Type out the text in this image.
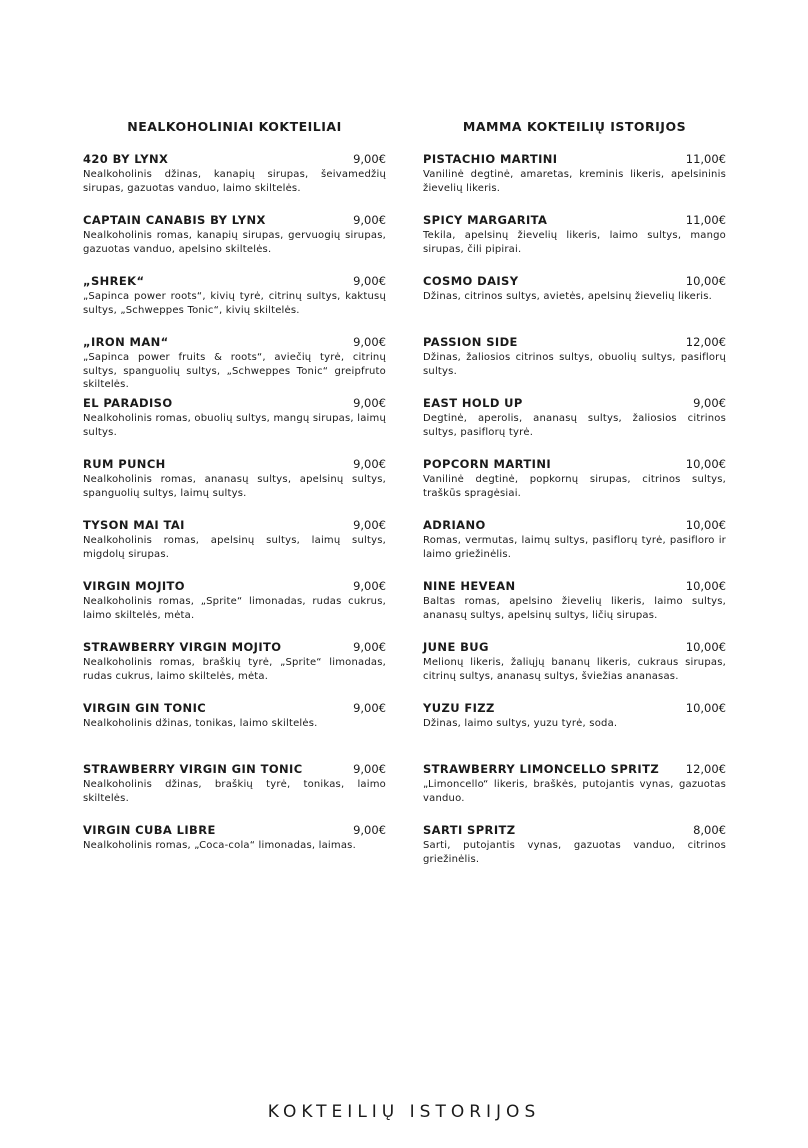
NEALKOHOLINIAI KOKTEILIAI
420 BY LYNX	9,00€
Nealkoholinis džinas, kanapių sirupas, šeivamedžių sirupas, gazuotas vanduo, laimo skiltelės.
CAPTAIN CANABIS BY LYNX	9,00€
Nealkoholinis romas, kanapių sirupas, gervuogių sirupas, gazuotas vanduo, apelsino skiltelės.
„SHREK“	9,00€
„Sapinca power roots“, kivių tyrė, citrinų sultys, kaktusų sultys, „Schweppes Tonic“, kivių skiltelės.
„IRON MAN“	9,00€
„Sapinca power fruits & roots“, aviečių tyrė, citrinų sultys, spanguolių sultys, „Schweppes Tonic“ greipfruto skiltelės.
EL PARADISO	9,00€
Nealkoholinis romas, obuolių sultys, mangų sirupas, laimų sultys.
RUM PUNCH	9,00€
Nealkoholinis romas, ananasų sultys, apelsinų sultys, spanguolių sultys, laimų sultys.
TYSON MAI TAI	9,00€
Nealkoholinis romas, apelsinų sultys, laimų sultys, migdolų sirupas.
VIRGIN MOJITO	9,00€
Nealkoholinis romas, „Sprite“ limonadas, rudas cukrus, laimo skiltelės, mėta.
STRAWBERRY VIRGIN MOJITO	9,00€
Nealkoholinis romas, braškių tyrė, „Sprite“ limonadas, rudas cukrus, laimo skiltelės, mėta.
VIRGIN GIN TONIC	9,00€
Nealkoholinis džinas, tonikas, laimo skiltelės.
STRAWBERRY VIRGIN GIN TONIC	9,00€
Nealkoholinis džinas, braškių tyrė, tonikas, laimo skiltelės.
VIRGIN CUBA LIBRE	9,00€
Nealkoholinis romas, „Coca-cola“ limonadas, laimas.
MAMMA KOKTEILIŲ ISTORIJOS
PISTACHIO MARTINI	11,00€
Vanilinė degtinė, amaretas, kreminis likeris, apelsininis žievelių likeris.
SPICY MARGARITA	11,00€
Tekila, apelsinų žievelių likeris, laimo sultys, mango sirupas, čili pipirai.
COSMO DAISY	10,00€
Džinas, citrinos sultys, avietės, apelsinų žievelių likeris.
PASSION SIDE	12,00€
Džinas, žaliosios citrinos sultys, obuolių sultys, pasiflorų sultys.
EAST HOLD UP	9,00€
Degtinė, aperolis, ananasų sultys, žaliosios citrinos sultys, pasiflorų tyrė.
POPCORN MARTINI	10,00€
Vanilinė degtinė, popkornų sirupas, citrinos sultys, traškūs spragėsiai.
ADRIANO	10,00€
Romas, vermutas, laimų sultys, pasiflorų tyrė, pasifloro ir laimo griežinėlis.
NINE HEVEAN	10,00€
Baltas romas, apelsino žievelių likeris, laimo sultys, ananasų sultys, apelsinų sultys, ličių sirupas.
JUNE BUG	10,00€
Melionų likeris, žaliųjų bananų likeris, cukraus sirupas, citrinų sultys, ananasų sultys, šviežias ananasas.
YUZU FIZZ	10,00€
Džinas, laimo sultys, yuzu tyrė, soda.
STRAWBERRY LIMONCELLO SPRITZ 12,00€
„Limoncello“ likeris, braškės, putojantis vynas, gazuotas vanduo.
SARTI SPRITZ	8,00€
Sarti, putojantis vynas, gazuotas vanduo, citrinos griežinėlis.
KOKTEILIŲ ISTORIJOS
